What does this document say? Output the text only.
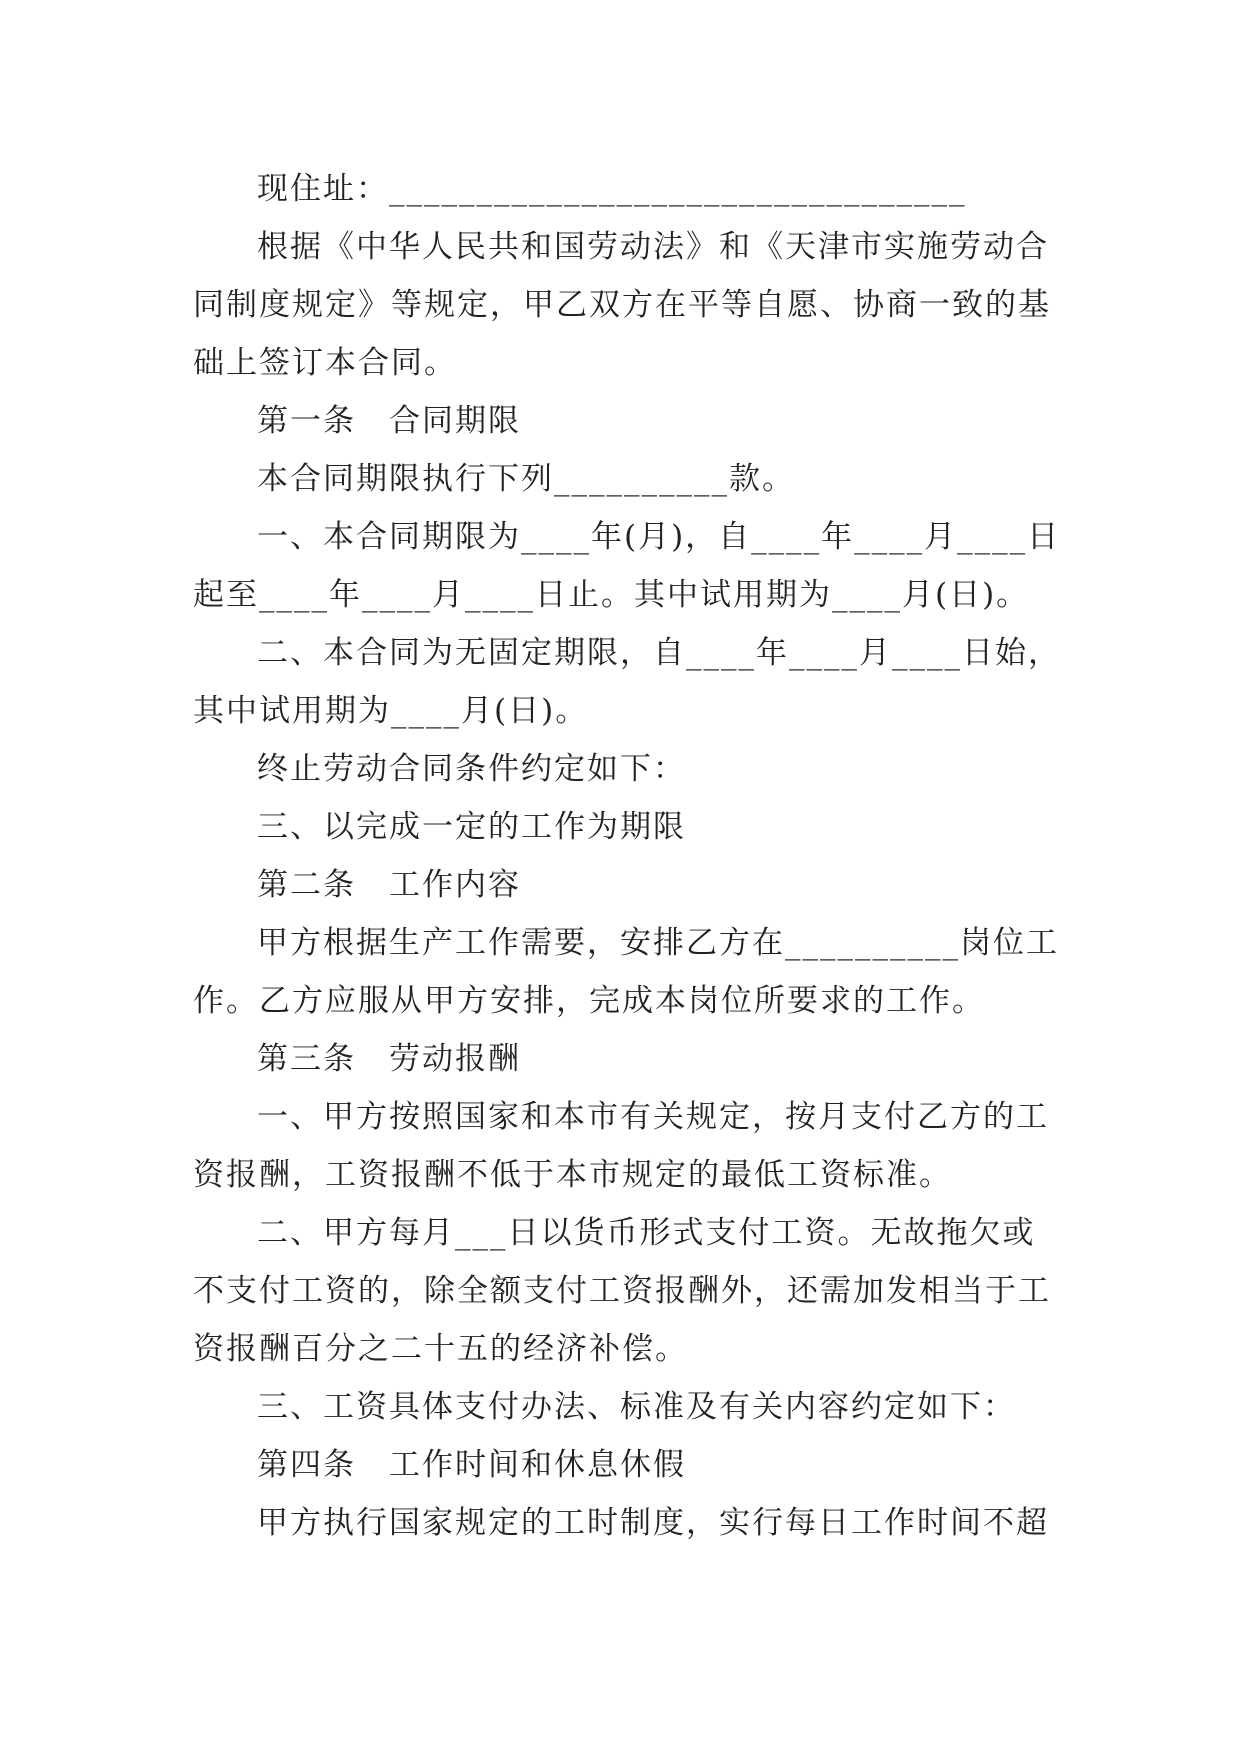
现住址：_________________________________
根据《中华人民共和国劳动法》和《天津市实施劳动合
同制度规定》等规定，甲乙双方在平等自愿、协商一致的基
础上签订本合同。
第一条　合同期限
本合同期限执行下列__________款。
一、本合同期限为____年(月)，自____年____月____日
起至____年____月____日止。其中试用期为____月(日)。
二、本合同为无固定期限，自____年____月____日始，
其中试用期为____月(日)。
终止劳动合同条件约定如下：
三、以完成一定的工作为期限
第二条　工作内容
甲方根据生产工作需要，安排乙方在__________岗位工
作。乙方应服从甲方安排，完成本岗位所要求的工作。
第三条　劳动报酬
一、甲方按照国家和本市有关规定，按月支付乙方的工
资报酬，工资报酬不低于本市规定的最低工资标准。
二、甲方每月___日以货币形式支付工资。无故拖欠或
不支付工资的，除全额支付工资报酬外，还需加发相当于工
资报酬百分之二十五的经济补偿。
三、工资具体支付办法、标准及有关内容约定如下：
第四条　工作时间和休息休假
甲方执行国家规定的工时制度，实行每日工作时间不超
